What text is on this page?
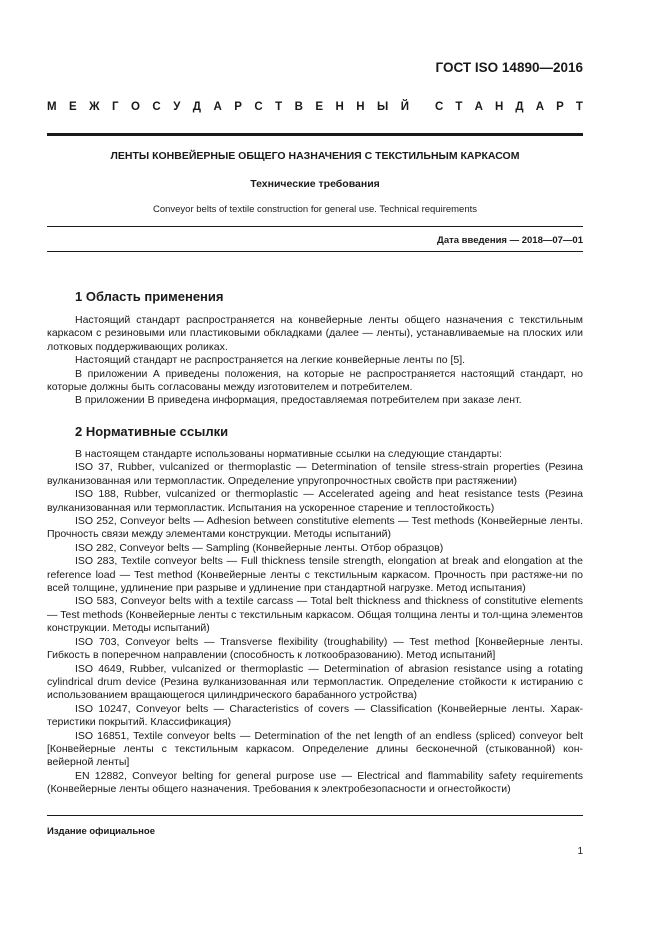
ГОСТ ISO 14890—2016
М Е Ж Г О С У Д А Р С Т В Е Н Н Ы Й С Т А Н Д А Р Т
ЛЕНТЫ КОНВЕЙЕРНЫЕ ОБЩЕГО НАЗНАЧЕНИЯ С ТЕКСТИЛЬНЫМ КАРКАСОМ
Технические требования
Conveyor belts of textile construction for general use. Technical requirements
Дата введения — 2018—07—01
1 Область применения

Настоящий стандарт распространяется на конвейерные ленты общего назначения с текстильным каркасом с резиновыми или пластиковыми обкладками (далее — ленты), устанавливаемые на плоских или лотковых поддерживающих роликах.

Настоящий стандарт не распространяется на легкие конвейерные ленты по [5].

В приложении А приведены положения, на которые не распространяется настоящий стандарт, но которые должны быть согласованы между изготовителем и потребителем.

В приложении В приведена информация, предоставляемая потребителем при заказе лент.

2 Нормативные ссылки

В настоящем стандарте использованы нормативные ссылки на следующие стандарты:

ISO 37, Rubber, vulcanized or thermoplastic — Determination of tensile stress-strain properties (Резина вулканизованная или термопластик. Определение упругопрочностных свойств при растяжении)

ISO 188, Rubber, vulcanized or thermoplastic — Accelerated ageing and heat resistance tests (Резина вулканизованная или термопластик. Испытания на ускоренное старение и теплостойкость)

ISO 252, Conveyor belts — Adhesion between constitutive elements — Test methods (Конвейерные ленты. Прочность связи между элементами конструкции. Методы испытаний)

ISO 282, Conveyor belts — Sampling (Конвейерные ленты. Отбор образцов)

ISO 283, Textile conveyor belts — Full thickness tensile strength, elongation at break and elongation at the reference load — Test method (Конвейерные ленты с текстильным каркасом. Прочность при растяже-ни по всей толщине, удлинение при разрыве и удлинение при стандартной нагрузке. Метод испытания)

ISO 583, Conveyor belts with a textile carcass — Total belt thickness and thickness of constitutive elements — Test methods (Конвейерные ленты с текстильным каркасом. Общая толщина ленты и тол-щина элементов конструкции. Методы испытаний)

ISO 703, Conveyor belts — Transverse flexibility (troughability) — Test method [Конвейерные ленты. Гибкость в поперечном направлении (способность к лоткообразованию). Метод испытаний]

ISO 4649, Rubber, vulcanized or thermoplastic — Determination of abrasion resistance using a rotating cylindrical drum device (Резина вулканизованная или термопластик. Определение стойкости к истиранию с использованием вращающегося цилиндрического барабанного устройства)

ISO 10247, Conveyor belts — Characteristics of covers — Classification (Конвейерные ленты. Харак-теристики покрытий. Классификация)

ISO 16851, Textile conveyor belts — Determination of the net length of an endless (spliced) conveyor belt [Конвейерные ленты с текстильным каркасом. Определение длины бесконечной (стыкованной) кон-вейерной ленты]

EN 12882, Conveyor belting for general purpose use — Electrical and flammability safety requirements (Конвейерные ленты общего назначения. Требования к электробезопасности и огнестойкости)

Издание официальное
1
